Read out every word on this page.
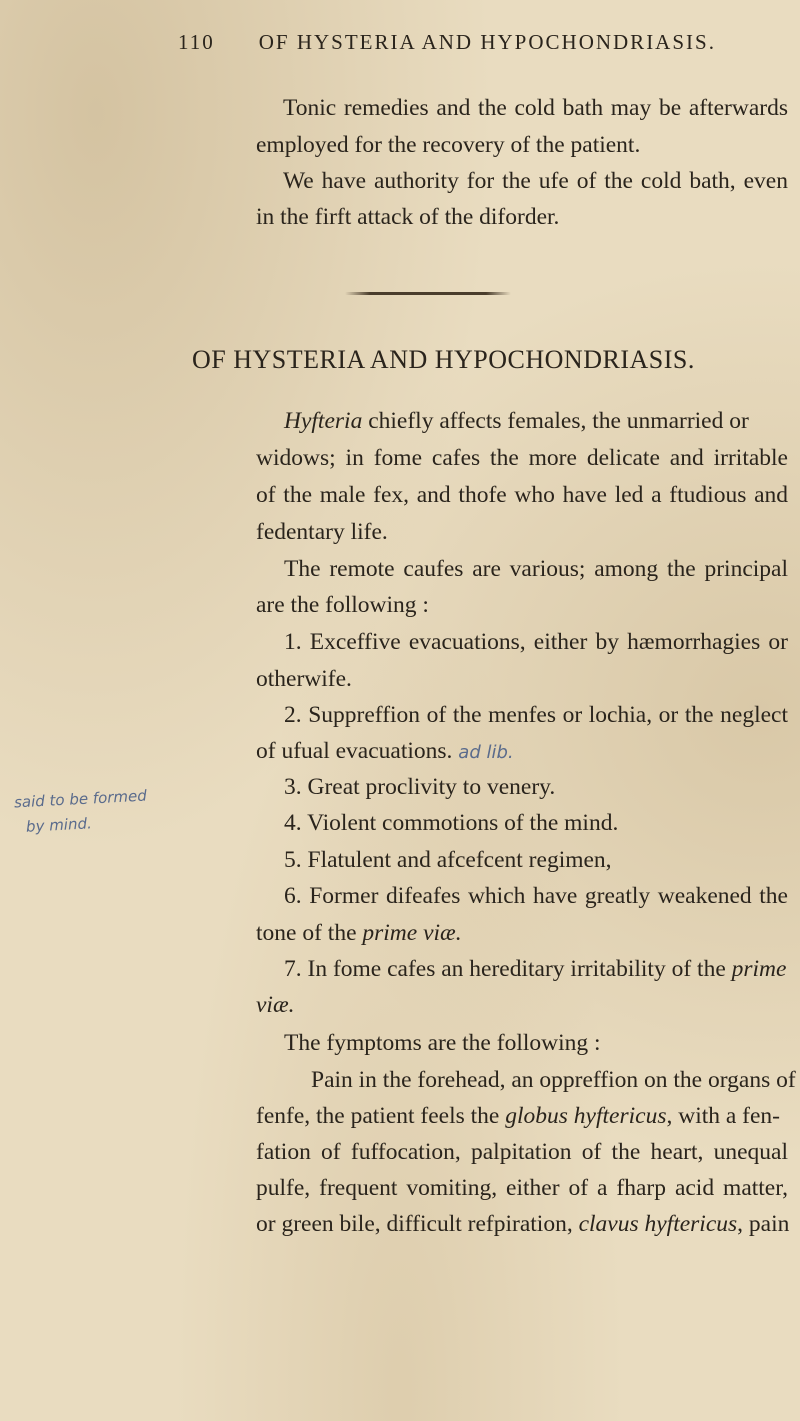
110 OF HYSTERIA AND HYPOCHONDRIASIS.
Tonic remedies and the cold bath may be afterwards
employed for the recovery of the patient.
We have authority for the ufe of the cold bath, even
in the firft attack of the diforder.
OF HYSTERIA AND HYPOCHONDRIASIS.
Hyfteria chiefly affects females, the unmarried or
widows; in fome cafes the more delicate and irritable
of the male fex, and thofe who have led a ftudious and
fedentary life.
The remote caufes are various; among the principal
are the following :
1. Exceffive evacuations, either by hæmorrhagies or
otherwife.
2. Suppreffion of the menfes or lochia, or the neglect
of ufual evacuations. ad lib.
3. Great proclivity to venery.
4. Violent commotions of the mind.
5. Flatulent and afcefcent regimen,
6. Former difeafes which have greatly weakened the
tone of the prime viæ.
7. In fome cafes an hereditary irritability of the prime
viæ.
said to be formed
by mind.
The fymptoms are the following :
Pain in the forehead, an oppreffion on the organs of
fenfe, the patient feels the globus hyftericus, with a fen-
fation of fuffocation, palpitation of the heart, unequal
pulfe, frequent vomiting, either of a fharp acid matter,
or green bile, difficult refpiration, clavus hyftericus, pain
